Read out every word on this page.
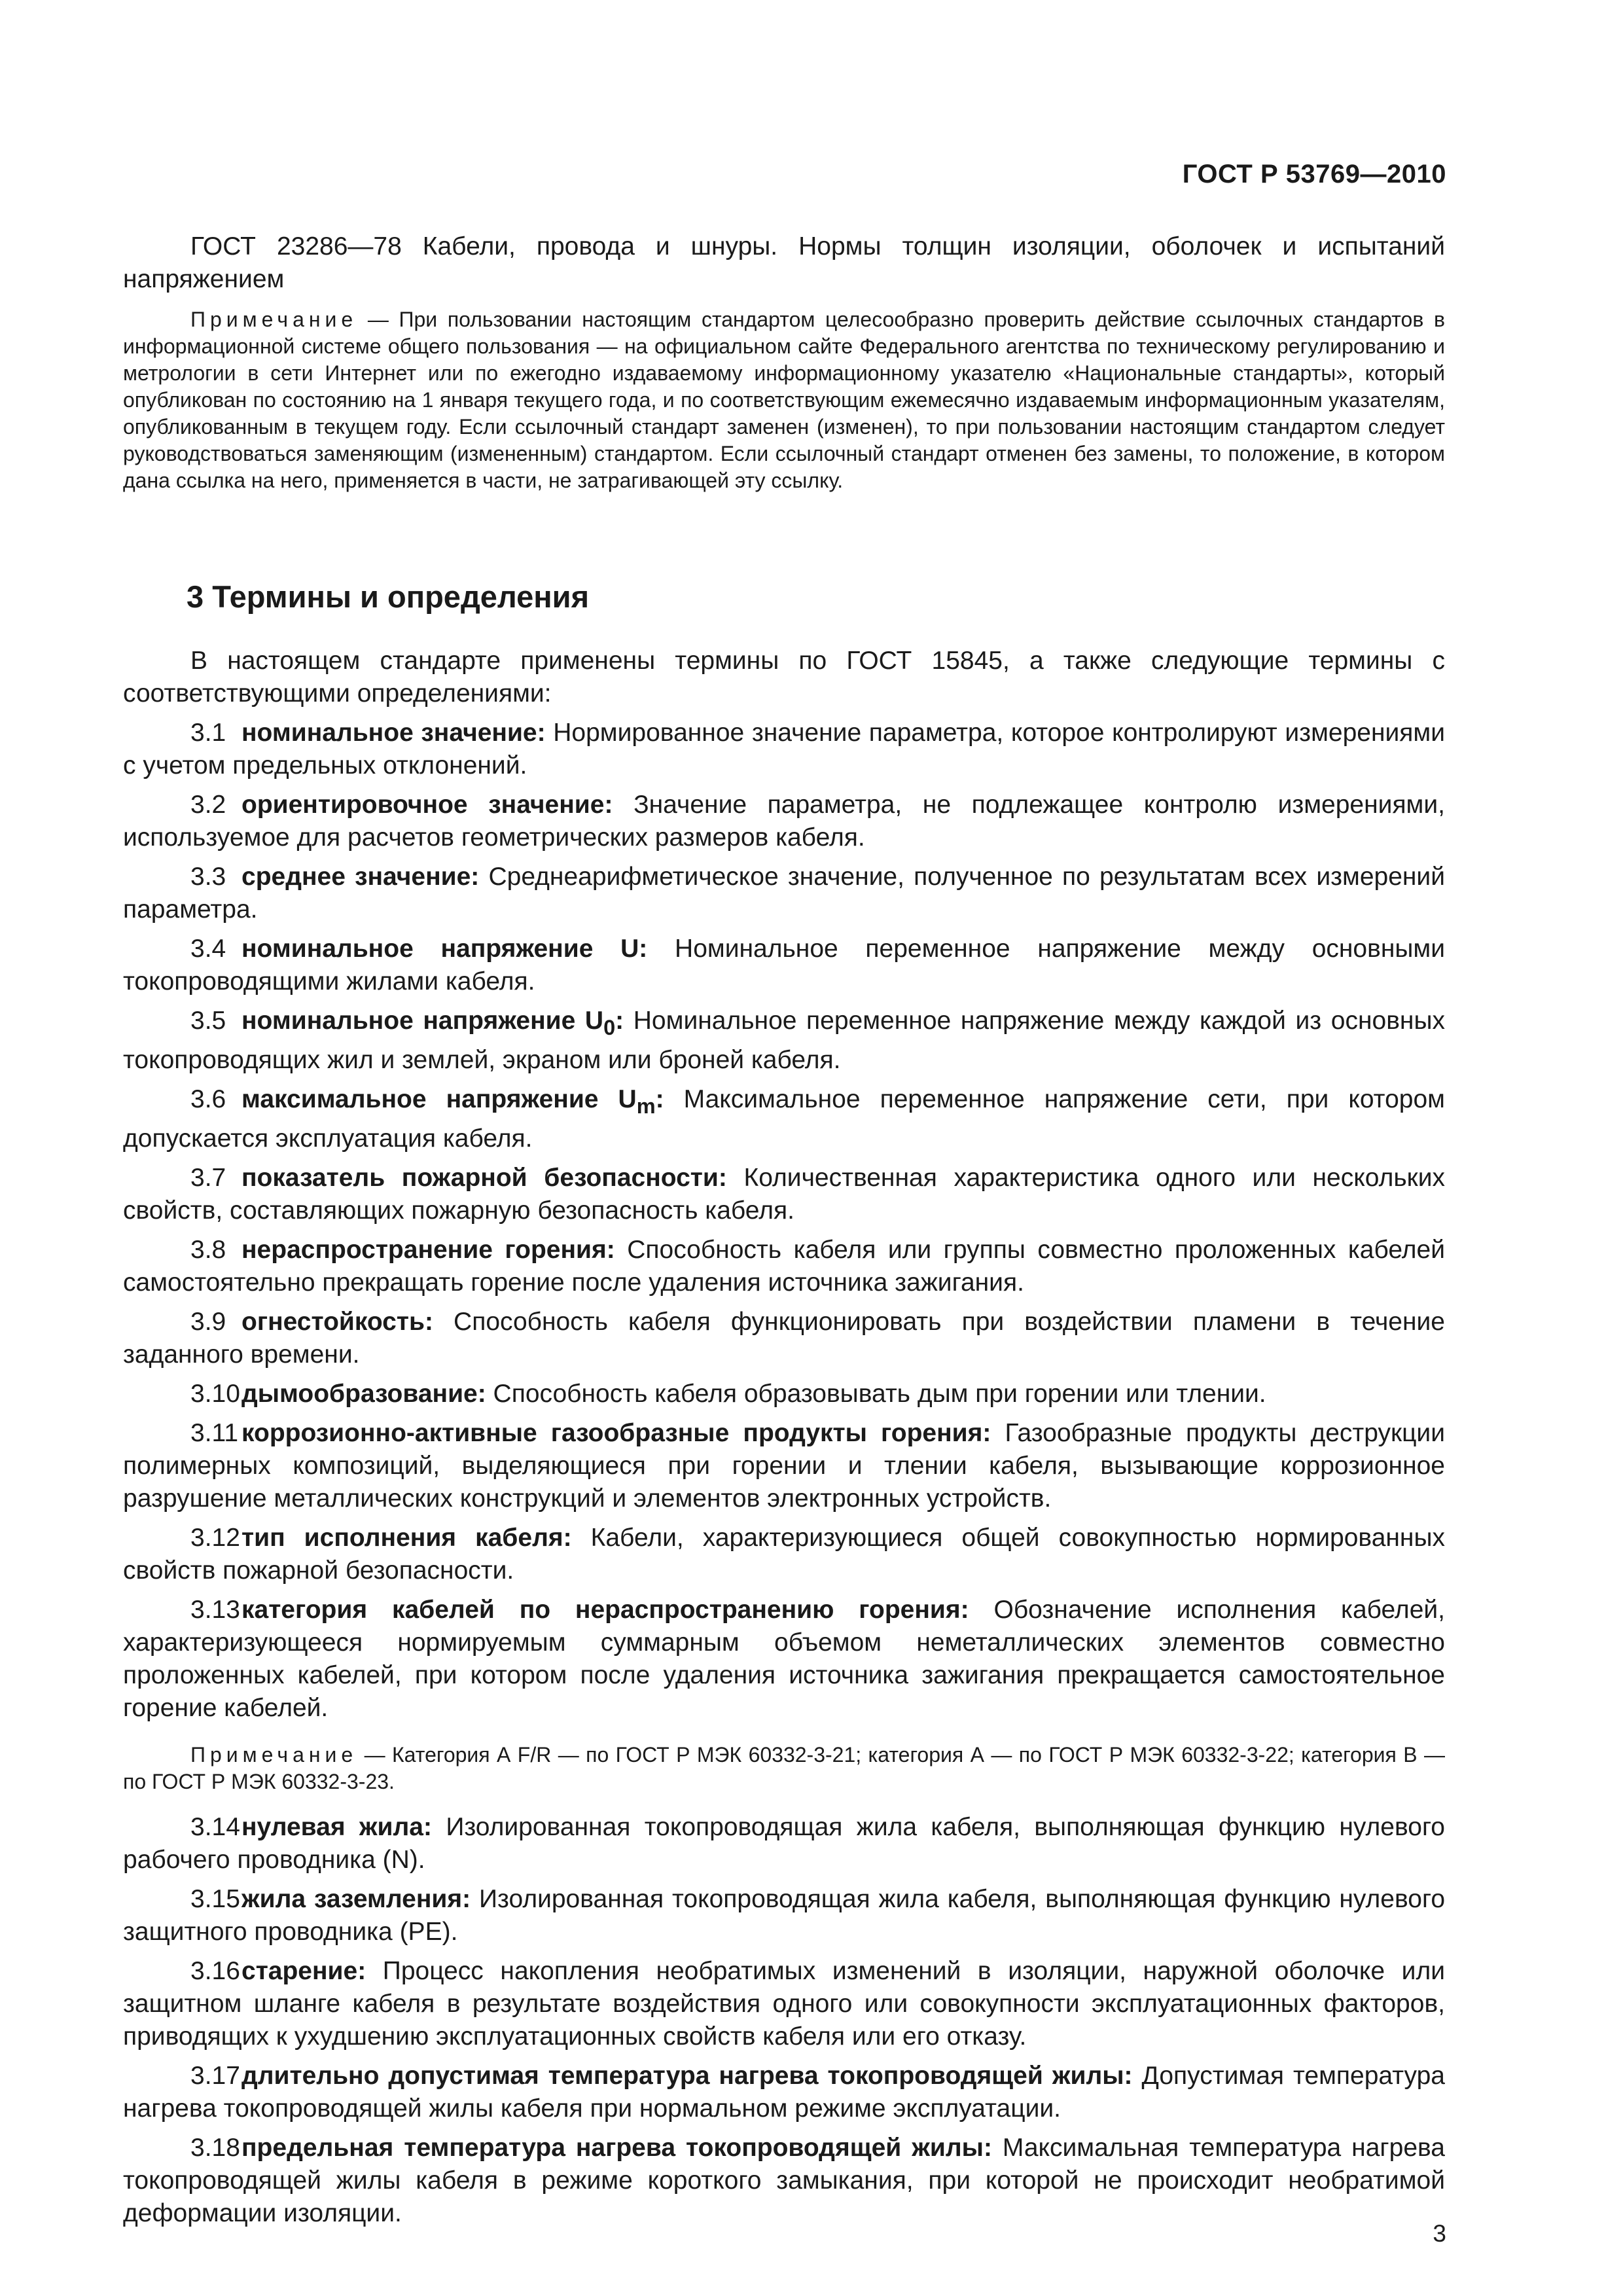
ГОСТ Р 53769—2010

ГОСТ 23286—78 Кабели, провода и шнуры. Нормы толщин изоляции, оболочек и испытаний напряжением

Примечание — При пользовании настоящим стандартом целесообразно проверить действие ссылочных стандартов в информационной системе общего пользования — на официальном сайте Федерального агентства по техническому регулированию и метрологии в сети Интернет или по ежегодно издаваемому информационному указателю «Национальные стандарты», который опубликован по состоянию на 1 января текущего года, и по соответствующим ежемесячно издаваемым информационным указателям, опубликованным в текущем году. Если ссылочный стандарт заменен (изменен), то при пользовании настоящим стандартом следует руководствоваться заменяющим (измененным) стандартом. Если ссылочный стандарт отменен без замены, то положение, в котором дана ссылка на него, применяется в части, не затрагивающей эту ссылку.

3 Термины и определения

В настоящем стандарте применены термины по ГОСТ 15845, а также следующие термины с соответствующими определениями:

3.1 номинальное значение: Нормированное значение параметра, которое контролируют измерениями с учетом предельных отклонений.

3.2 ориентировочное значение: Значение параметра, не подлежащее контролю измерениями, используемое для расчетов геометрических размеров кабеля.

3.3 среднее значение: Среднеарифметическое значение, полученное по результатам всех измерений параметра.

3.4 номинальное напряжение U: Номинальное переменное напряжение между основными токопроводящими жилами кабеля.

3.5 номинальное напряжение $U_0$: Номинальное переменное напряжение между каждой из основных токопроводящих жил и землей, экраном или броней кабеля.

3.6 максимальное напряжение $U_m$: Максимальное переменное напряжение сети, при котором допускается эксплуатация кабеля.

3.7 показатель пожарной безопасности: Количественная характеристика одного или нескольких свойств, составляющих пожарную безопасность кабеля.

3.8 нераспространение горения: Способность кабеля или группы совместно проложенных кабелей самостоятельно прекращать горение после удаления источника зажигания.

3.9 огнестойкость: Способность кабеля функционировать при воздействии пламени в течение заданного времени.

3.10дымообразование: Способность кабеля образовывать дым при горении или тлении.

3.11 коррозионно-активные газообразные продукты горения: Газообразные продукты деструкции полимерных композиций, выделяющиеся при горении и тлении кабеля, вызывающие коррозионное разрушение металлических конструкций и элементов электронных устройств.

3.12тип исполнения кабеля: Кабели, характеризующиеся общей совокупностью нормированных свойств пожарной безопасности.

3.13категория кабелей по нераспространению горения: Обозначение исполнения кабелей, характеризующееся нормируемым суммарным объемом неметаллических элементов совместно проложенных кабелей, при котором после удаления источника зажигания прекращается самостоятельное горение кабелей.

Примечание — Категория А F/R — по ГОСТ Р МЭК 60332-3-21; категория А — по ГОСТ Р МЭК 60332-3-22; категория В — по ГОСТ Р МЭК 60332-3-23.

3.14нулевая жила: Изолированная токопроводящая жила кабеля, выполняющая функцию нулевого рабочего проводника (N).

3.15жила заземления: Изолированная токопроводящая жила кабеля, выполняющая функцию нулевого защитного проводника (РЕ).

3.16старение: Процесс накопления необратимых изменений в изоляции, наружной оболочке или защитном шланге кабеля в результате воздействия одного или совокупности эксплуатационных факторов, приводящих к ухудшению эксплуатационных свойств кабеля или его отказу.

3.17длительно допустимая температура нагрева токопроводящей жилы: Допустимая температура нагрева токопроводящей жилы кабеля при нормальном режиме эксплуатации.

3.18предельная температура нагрева токопроводящей жилы: Максимальная температура нагрева токопроводящей жилы кабеля в режиме короткого замыкания, при которой не происходит необратимой деформации изоляции.

3
